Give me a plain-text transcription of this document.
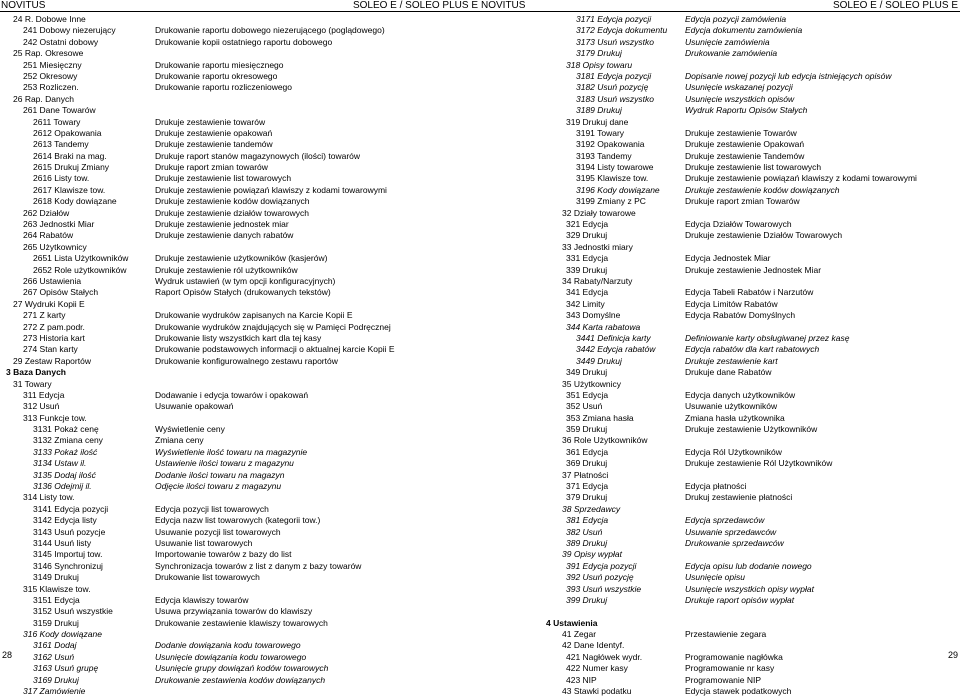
NOVITUS	SOLEO E / SOLEO PLUS E
24 R. Dobowe Inne
241 Dobowy niezerujący	Drukowanie raportu dobowego niezerującego (poglądowego)
242 Ostatni dobowy	Drukowanie kopii ostatniego raportu dobowego
25 Rap. Okresowe
251 Miesięczny	Drukowanie raportu miesięcznego
252 Okresowy	Drukowanie raportu okresowego
253 Rozliczen.	Drukowanie raportu rozliczeniowego
26 Rap. Danych
261 Dane Towarów
2611 Towary	Drukuje zestawienie towarów
2612 Opakowania	Drukuje zestawienie opakowań
2613 Tandemy	Drukuje zestawienie tandemów
2614 Braki na mag.	Drukuje raport stanów magazynowych (ilości) towarów
2615 Drukuj Zmiany	Drukuje raport zmian towarów
2616 Listy tow.	Drukuje zestawienie list towarowych
2617 Klawisze tow.	Drukuje zestawienie powiązań klawiszy z kodami towarowymi
2618 Kody dowiązane	Drukuje zestawienie kodów dowiązanych
262 Działów	Drukuje zestawienie działów towarowych
263 Jednostki Miar	Drukuje zestawienie jednostek miar
264 Rabatów	Drukuje zestawienie danych rabatów
265 Użytkownicy
2651 Lista Użytkowników	Drukuje zestawienie użytkowników (kasjerów)
2652 Role użytkowników	Drukuje zestawienie ról użytkowników
266 Ustawienia	Wydruk ustawień (w tym opcji konfiguracyjnych)
267 Opisów Stałych	Raport Opisów Stałych (drukowanych tekstów)
27 Wydruki Kopii E
271 Z karty	Drukowanie wydruków zapisanych na Karcie Kopii E
272 Z pam.podr.	Drukowanie wydruków znajdujących się w Pamięci Podręcznej
273 Historia kart	Drukowanie listy wszystkich kart dla tej kasy
274 Stan karty	Drukowanie podstawowych informacji o aktualnej karcie Kopii E
29 Zestaw Raportów	Drukowanie konfigurowalnego zestawu raportów
3 Baza Danych
31 Towary
311 Edycja	Dodawanie i edycja towarów i opakowań
312 Usuń	Usuwanie opakowań
313 Funkcje tow.
3131 Pokaż cenę	Wyświetlenie ceny
3132 Zmiana ceny	Zmiana ceny
3133 Pokaż ilość	Wyświetlenie ilość towaru na magazynie
3134 Ustaw il.	Ustawienie ilości towaru z magazynu
3135 Dodaj ilość	Dodanie ilości towaru na magazyn
3136 Odejmij il.	Odjęcie ilości towaru z magazynu
314 Listy tow.
3141 Edycja pozycji	Edycja pozycji list towarowych
3142 Edycja listy	Edycja nazw list towarowych (kategorii tow.)
3143 Usuń pozycje	Usuwanie pozycji list towarowych
3144 Usuń listy	Usuwanie list towarowych
3145 Importuj tow.	Importowanie towarów z bazy do list
3146 Synchronizuj	Synchronizacja towarów z list z danym z bazy towarów
3149 Drukuj	Drukowanie list towarowych
315 Klawisze tow.
3151 Edycja	Edycja klawiszy towarów
3152 Usuń wszystkie	Usuwa przywiązania towarów do klawiszy
3159 Drukuj	Drukowanie zestawienie klawiszy towarowych
316 Kody dowiązane
3161 Dodaj	Dodanie dowiązania kodu towarowego
3162 Usuń	Usunięcie dowiązania kodu towarowego
3163 Usuń grupę	Usunięcie grupy dowiązań kodów towarowych
3169 Drukuj	Drukowanie zestawienia kodów dowiązanych
317 Zamówienie
28
NOVITUS	SOLEO E / SOLEO PLUS E
3171 Edycja pozycji	Edycja pozycji zamówienia
3172 Edycja dokumentu Edycja dokumentu zamówienia
3173 Usuń wszystko	Usunięcie zamówienia
3179 Drukuj	Drukowanie zamówienia
318 Opisy towaru
3181 Edycja pozycji	Dopisanie nowej pozycji lub edycja istniejących opisów
3182 Usuń pozycję	Usunięcie wskazanej pozycji
3183 Usuń wszystko	Usunięcie wszystkich opisów
3189 Drukuj	Wydruk Raportu Opisów Stałych
319 Drukuj dane
3191 Towary	Drukuje zestawienie Towarów
3192 Opakowania	Drukuje zestawienie Opakowań
3193 Tandemy	Drukuje zestawienie Tandemów
3194 Listy towarowe	Drukuje zestawienie list towarowych
3195 Klawisze tow.	Drukuje zestawienie powiązań klawiszy z kodami towarowymi
3196 Kody dowiązane	Drukuje zestawienie kodów dowiązanych
3199 Zmiany z PC	Drukuje raport zmian Towarów
32 Działy towarowe
321 Edycja	Edycja Działów Towarowych
329 Drukuj	Drukuje zestawienie Działów Towarowych
33 Jednostki miary
331 Edycja	Edycja Jednostek Miar
339 Drukuj	Drukuje zestawienie Jednostek Miar
34 Rabaty/Narzuty
341 Edycja	Edycja Tabeli Rabatów i Narzutów
342 Limity	Edycja Limitów Rabatów
343 Domyślne	Edycja Rabatów Domyślnych
344 Karta rabatowa
3441 Definicja karty	Definiowanie karty obsługiwanej przez kasę
3442 Edycja rabatów	Edycja rabatów dla kart rabatowych
3449 Drukuj	Drukuje zestawienie kart
349 Drukuj	Drukuje dane Rabatów
35 Użytkownicy
351 Edycja	Edycja danych użytkowników
352 Usuń	Usuwanie użytkowników
353 Zmiana hasła	Zmiana hasła użytkownika
359 Drukuj	Drukuje zestawienie Użytkowników
36 Role Użytkowników
361 Edycja	Edycja Ról Użytkowników
369 Drukuj	Drukuje zestawienie Ról Użytkowników
37 Płatności
371 Edycja	Edycja płatności
379 Drukuj	Drukuj zestawienie płatności
38 Sprzedawcy
381 Edycja	Edycja sprzedawców
382 Usuń	Usuwanie sprzedawców
389 Drukuj	Drukowanie sprzedawców
39 Opisy wypłat
391 Edycja pozycji	Edycja opisu lub dodanie nowego
392 Usuń pozycję	Usunięcie opisu
393 Usuń wszystkie	Usunięcie wszystkich opisy wypłat
399 Drukuj	Drukuje raport opisów wypłat
4 Ustawienia
41 Zegar	Przestawienie zegara
42 Dane Identyf.
421 Nagłówek wydr.	Programowanie nagłówka
422 Numer kasy	Programowanie nr kasy
423 NIP	Programowanie NIP
43 Stawki podatku	Edycja stawek podatkowych
29
